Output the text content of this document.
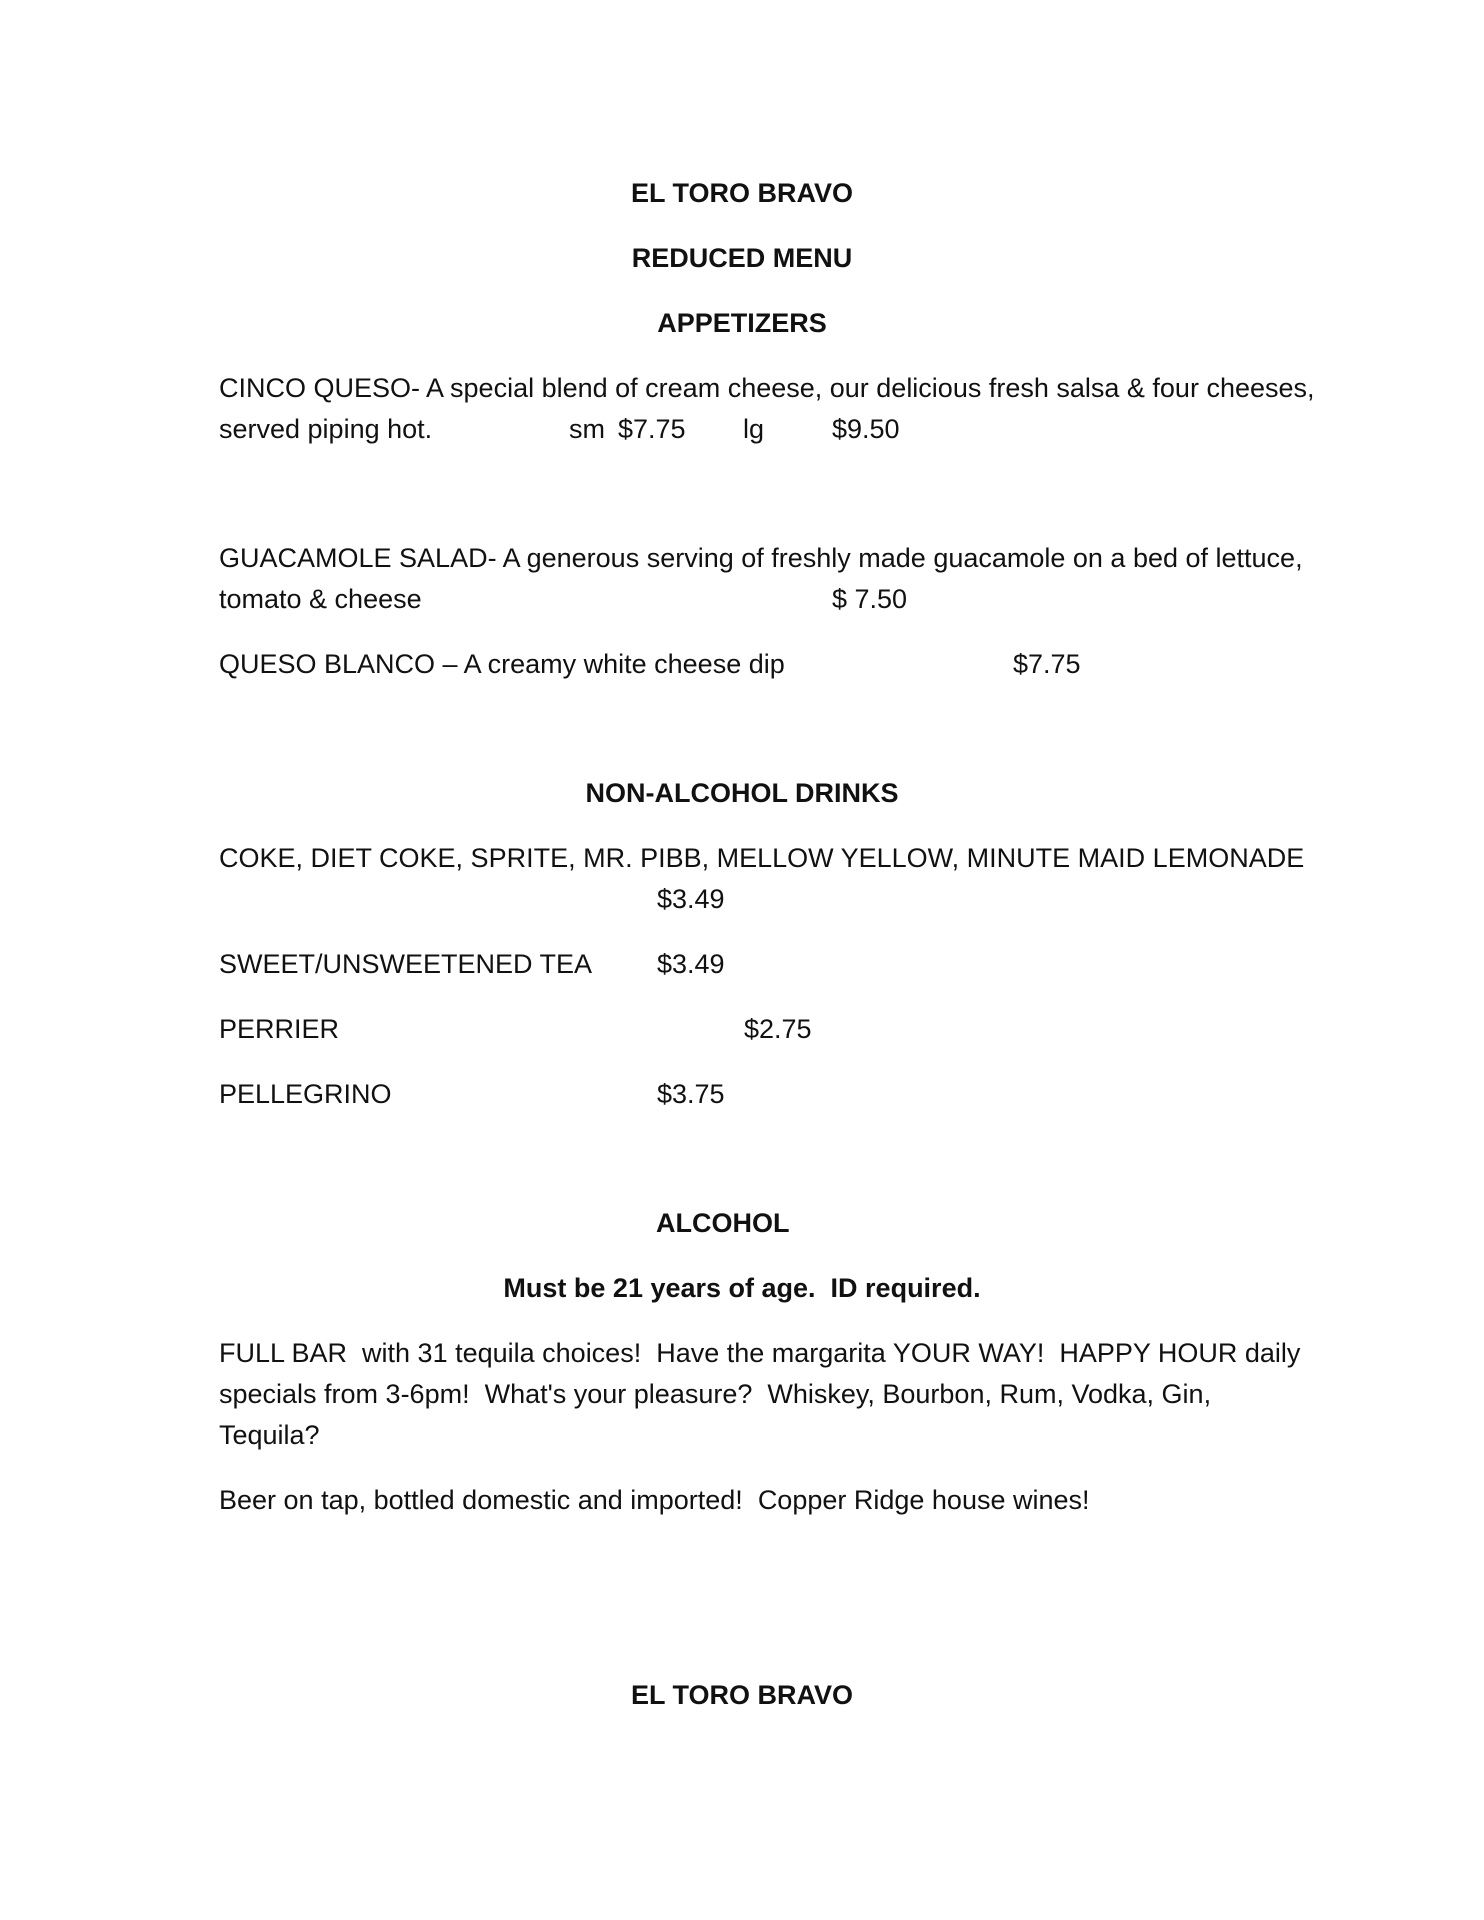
EL TORO BRAVO
REDUCED MENU
APPETIZERS
CINCO QUESO- A special blend of cream cheese, our delicious fresh salsa & four cheeses,
served piping hot.	sm $7.75 lg	$9.50
GUACAMOLE SALAD- A generous serving of freshly made guacamole on a bed of lettuce,
tomato & cheese	$ 7.50
QUESO BLANCO – A creamy white cheese dip	$7.75
NON-ALCOHOL DRINKS
COKE, DIET COKE, SPRITE, MR. PIBB, MELLOW YELLOW, MINUTE MAID LEMONADE
$3.49
SWEET/UNSWEETENED TEA $3.49
PERRIER	$2.75
PELLEGRINO	$3.75
ALCOHOL
Must be 21 years of age.  ID required.
FULL BAR  with 31 tequila choices!  Have the margarita YOUR WAY!  HAPPY HOUR daily
specials from 3-6pm!  What's your pleasure?  Whiskey, Bourbon, Rum, Vodka, Gin,
Tequila?
Beer on tap, bottled domestic and imported!  Copper Ridge house wines!
EL TORO BRAVO
